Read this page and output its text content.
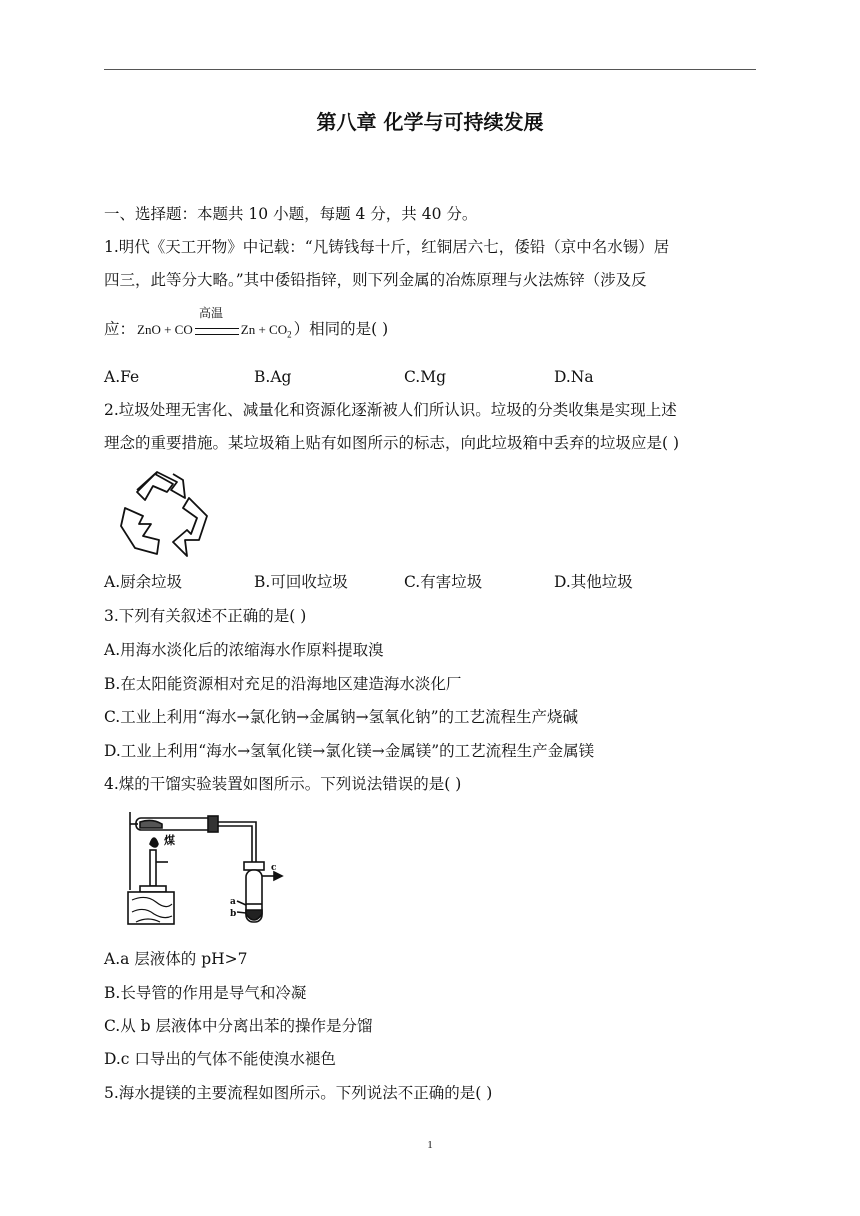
第八章 化学与可持续发展
一、选择题：本题共 10 小题，每题 4 分，共 40 分。
1.明代《天工开物》中记载：“凡铸钱每十斤，红铜居六七，倭铅（京中名水锡）居
四三，此等分大略。”其中倭铅指锌，则下列金属的冶炼原理与火法炼锌（涉及反
应： ZnO + CO
高温
$Zn + CO_2$ ）相同的是( )
A.Fe	B.Ag	C.Mg	D.Na
2.垃圾处理无害化、减量化和资源化逐渐被人们所认识。垃圾的分类收集是实现上述
理念的重要措施。某垃圾箱上贴有如图所示的标志，向此垃圾箱中丢弃的垃圾应是( )
A.厨余垃圾	B.可回收垃圾	C.有害垃圾	D.其他垃圾
3.下列有关叙述不正确的是( )
A.用海水淡化后的浓缩海水作原料提取溴
B.在太阳能资源相对充足的沿海地区建造海水淡化厂
C.工业上利用“海水→氯化钠→金属钠→氢氧化钠”的工艺流程生产烧碱
D.工业上利用“海水→氢氧化镁→氯化镁→金属镁”的工艺流程生产金属镁
4.煤的干馏实验装置如图所示。下列说法错误的是( )
煤
a
b
c
A.a 层液体的 pH>7
B.长导管的作用是导气和冷凝
C.从 b 层液体中分离出苯的操作是分馏
D.c 口导出的气体不能使溴水褪色
5.海水提镁的主要流程如图所示。下列说法不正确的是( )
1
